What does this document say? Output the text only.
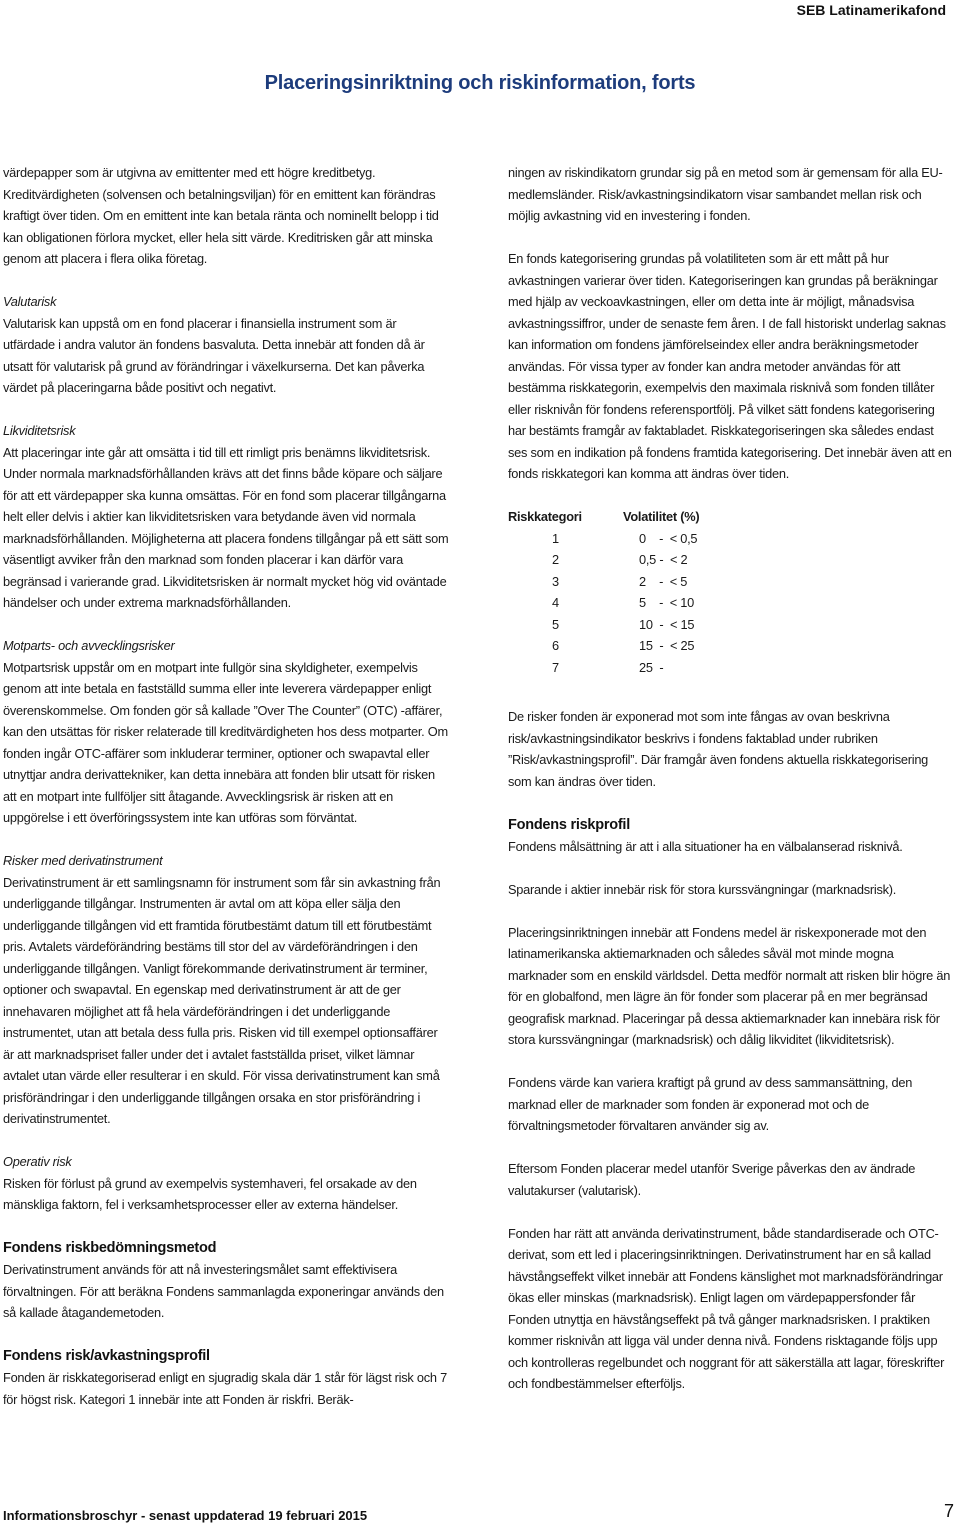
SEB Latinamerikafond
Placeringsinriktning och riskinformation, forts

värdepapper som är utgivna av emittenter med ett högre kreditbetyg. Kreditvärdigheten (solvensen och betalningsviljan) för en emittent kan förändras kraftigt över tiden. Om en emittent inte kan betala ränta och nominellt belopp i tid kan obligationen förlora mycket, eller hela sitt värde. Kreditrisken går att minska genom att placera i flera olika företag.

Valutarisk

Valutarisk kan uppstå om en fond placerar i finansiella instrument som är utfärdade i andra valutor än fondens basvaluta. Detta innebär att fonden då är utsatt för valutarisk på grund av förändringar i växelkurserna. Det kan påverka värdet på placeringarna både positivt och negativt.

Likviditetsrisk

Att placeringar inte går att omsätta i tid till ett rimligt pris benämns likviditetsrisk. Under normala marknadsförhållanden krävs att det finns både köpare och säljare för att ett värdepapper ska kunna omsättas. För en fond som placerar tillgångarna helt eller delvis i aktier kan likviditetsrisken vara betydande även vid normala marknadsförhållanden. Möjligheterna att placera fondens tillgångar på ett sätt som väsentligt avviker från den marknad som fonden placerar i kan därför vara begränsad i varierande grad. Likviditetsrisken är normalt mycket hög vid oväntade händelser och under extrema marknadsförhållanden.

Motparts- och avvecklingsrisker

Motpartsrisk uppstår om en motpart inte fullgör sina skyldigheter, exempelvis genom att inte betala en fastställd summa eller inte leverera värdepapper enligt överenskommelse. Om fonden gör så kallade ”Over The Counter” (OTC) -affärer, kan den utsättas för risker relaterade till kreditvärdigheten hos dess motparter. Om fonden ingår OTC-affärer som inkluderar terminer, optioner och swapavtal eller utnyttjar andra derivattekniker, kan detta innebära att fonden blir utsatt för risken att en motpart inte fullföljer sitt åtagande. Avvecklingsrisk är risken att en uppgörelse i ett överföringssystem inte kan utföras som förväntat.

Risker med derivatinstrument

Derivatinstrument är ett samlingsnamn för instrument som får sin avkastning från underliggande tillgångar. Instrumenten är avtal om att köpa eller sälja den underliggande tillgången vid ett framtida förutbestämt datum till ett förutbestämt pris. Avtalets värdeförändring bestäms till stor del av värdeförändringen i den underliggande tillgången. Vanligt förekommande derivatinstrument är terminer, optioner och swapavtal. En egenskap med derivatinstrument är att de ger innehavaren möjlighet att få hela värdeförändringen i det underliggande instrumentet, utan att betala dess fulla pris. Risken vid till exempel optionsaffärer är att marknadspriset faller under det i avtalet fastställda priset, vilket lämnar avtalet utan värde eller resulterar i en skuld. För vissa derivatinstrument kan små prisförändringar i den underliggande tillgången orsaka en stor prisförändring i derivatinstrumentet.

Operativ risk

Risken för förlust på grund av exempelvis systemhaveri, fel orsakade av den mänskliga faktorn, fel i verksamhetsprocesser eller av externa händelser.

Fondens riskbedömningsmetod

Derivatinstrument används för att nå investeringsmålet samt effektivisera förvaltningen. För att beräkna Fondens sammanlagda exponeringar används den så kallade åtagandemetoden.

Fondens risk/avkastningsprofil

Fonden är riskkategoriserad enligt en sjugradig skala där 1 står för lägst risk och 7 för högst risk. Kategori 1 innebär inte att Fonden är riskfri. Beräk-

ningen av riskindikatorn grundar sig på en metod som är gemensam för alla EU-medlemsländer. Risk/avkastningsindikatorn visar sambandet mellan risk och möjlig avkastning vid en investering i fonden.

En fonds kategorisering grundas på volatiliteten som är ett mått på hur avkastningen varierar över tiden. Kategoriseringen kan grundas på beräkningar med hjälp av veckoavkastningen, eller om detta inte är möjligt, månadsvisa avkastningssiffror, under de senaste fem åren. I de fall historiskt underlag saknas kan information om fondens jämförelseindex eller andra beräkningsmetoder användas. För vissa typer av fonder kan andra metoder användas för att bestämma riskkategorin, exempelvis den maximala risknivå som fonden tillåter eller risknivån för fondens referensportfölj. På vilket sätt fondens kategorisering har bestämts framgår av faktabladet. Riskkategoriseringen ska således endast ses som en indikation på fondens framtida kategorisering. Det innebär även att en fonds riskkategori kan komma att ändras över tiden.

Riskkategori	Volatilitet (%)
1	0    -  < 0,5
2	0,5 -  < 2
3	2    -  < 5
4	5    -  < 10
5	10  -  < 15
6	15  -  < 25
7	25  -

De risker fonden är exponerad mot som inte fångas av ovan beskrivna risk/avkastningsindikator beskrivs i fondens faktablad under rubriken ”Risk/avkastningsprofil”. Där framgår även fondens aktuella riskkategorisering som kan ändras över tiden.

Fondens riskprofil

Fondens målsättning är att i alla situationer ha en välbalanserad risknivå.

Sparande i aktier innebär risk för stora kurssvängningar (marknadsrisk).

Placeringsinriktningen innebär att Fondens medel är riskexponerade mot den latinamerikanska aktiemarknaden och således såväl mot minde mogna marknader som en enskild världsdel. Detta medför normalt att risken blir högre än för en globalfond, men lägre än för fonder som placerar på en mer begränsad geografisk marknad. Placeringar på dessa aktiemarknader kan innebära risk för stora kurssvängningar (marknadsrisk) och dålig likviditet (likviditetsrisk).

Fondens värde kan variera kraftigt på grund av dess sammansättning, den marknad eller de marknader som fonden är exponerad mot och de förvaltningsmetoder förvaltaren använder sig av.

Eftersom Fonden placerar medel utanför Sverige påverkas den av ändrade valutakurser (valutarisk).

Fonden har rätt att använda derivatinstrument, både standardiserade och OTC-derivat, som ett led i placeringsinriktningen. Derivatinstrument har en så kallad hävstångseffekt vilket innebär att Fondens känslighet mot marknadsförändringar ökas eller minskas (marknadsrisk). Enligt lagen om värdepappersfonder får Fonden utnyttja en hävstångseffekt på två gånger marknadsrisken. I praktiken kommer risknivån att ligga väl under denna nivå. Fondens risktagande följs upp och kontrolleras regelbundet och noggrant för att säkerställa att lagar, föreskrifter och fondbestämmelser efterföljs.

Informationsbroschyr - senast uppdaterad 19 februari 2015	7
